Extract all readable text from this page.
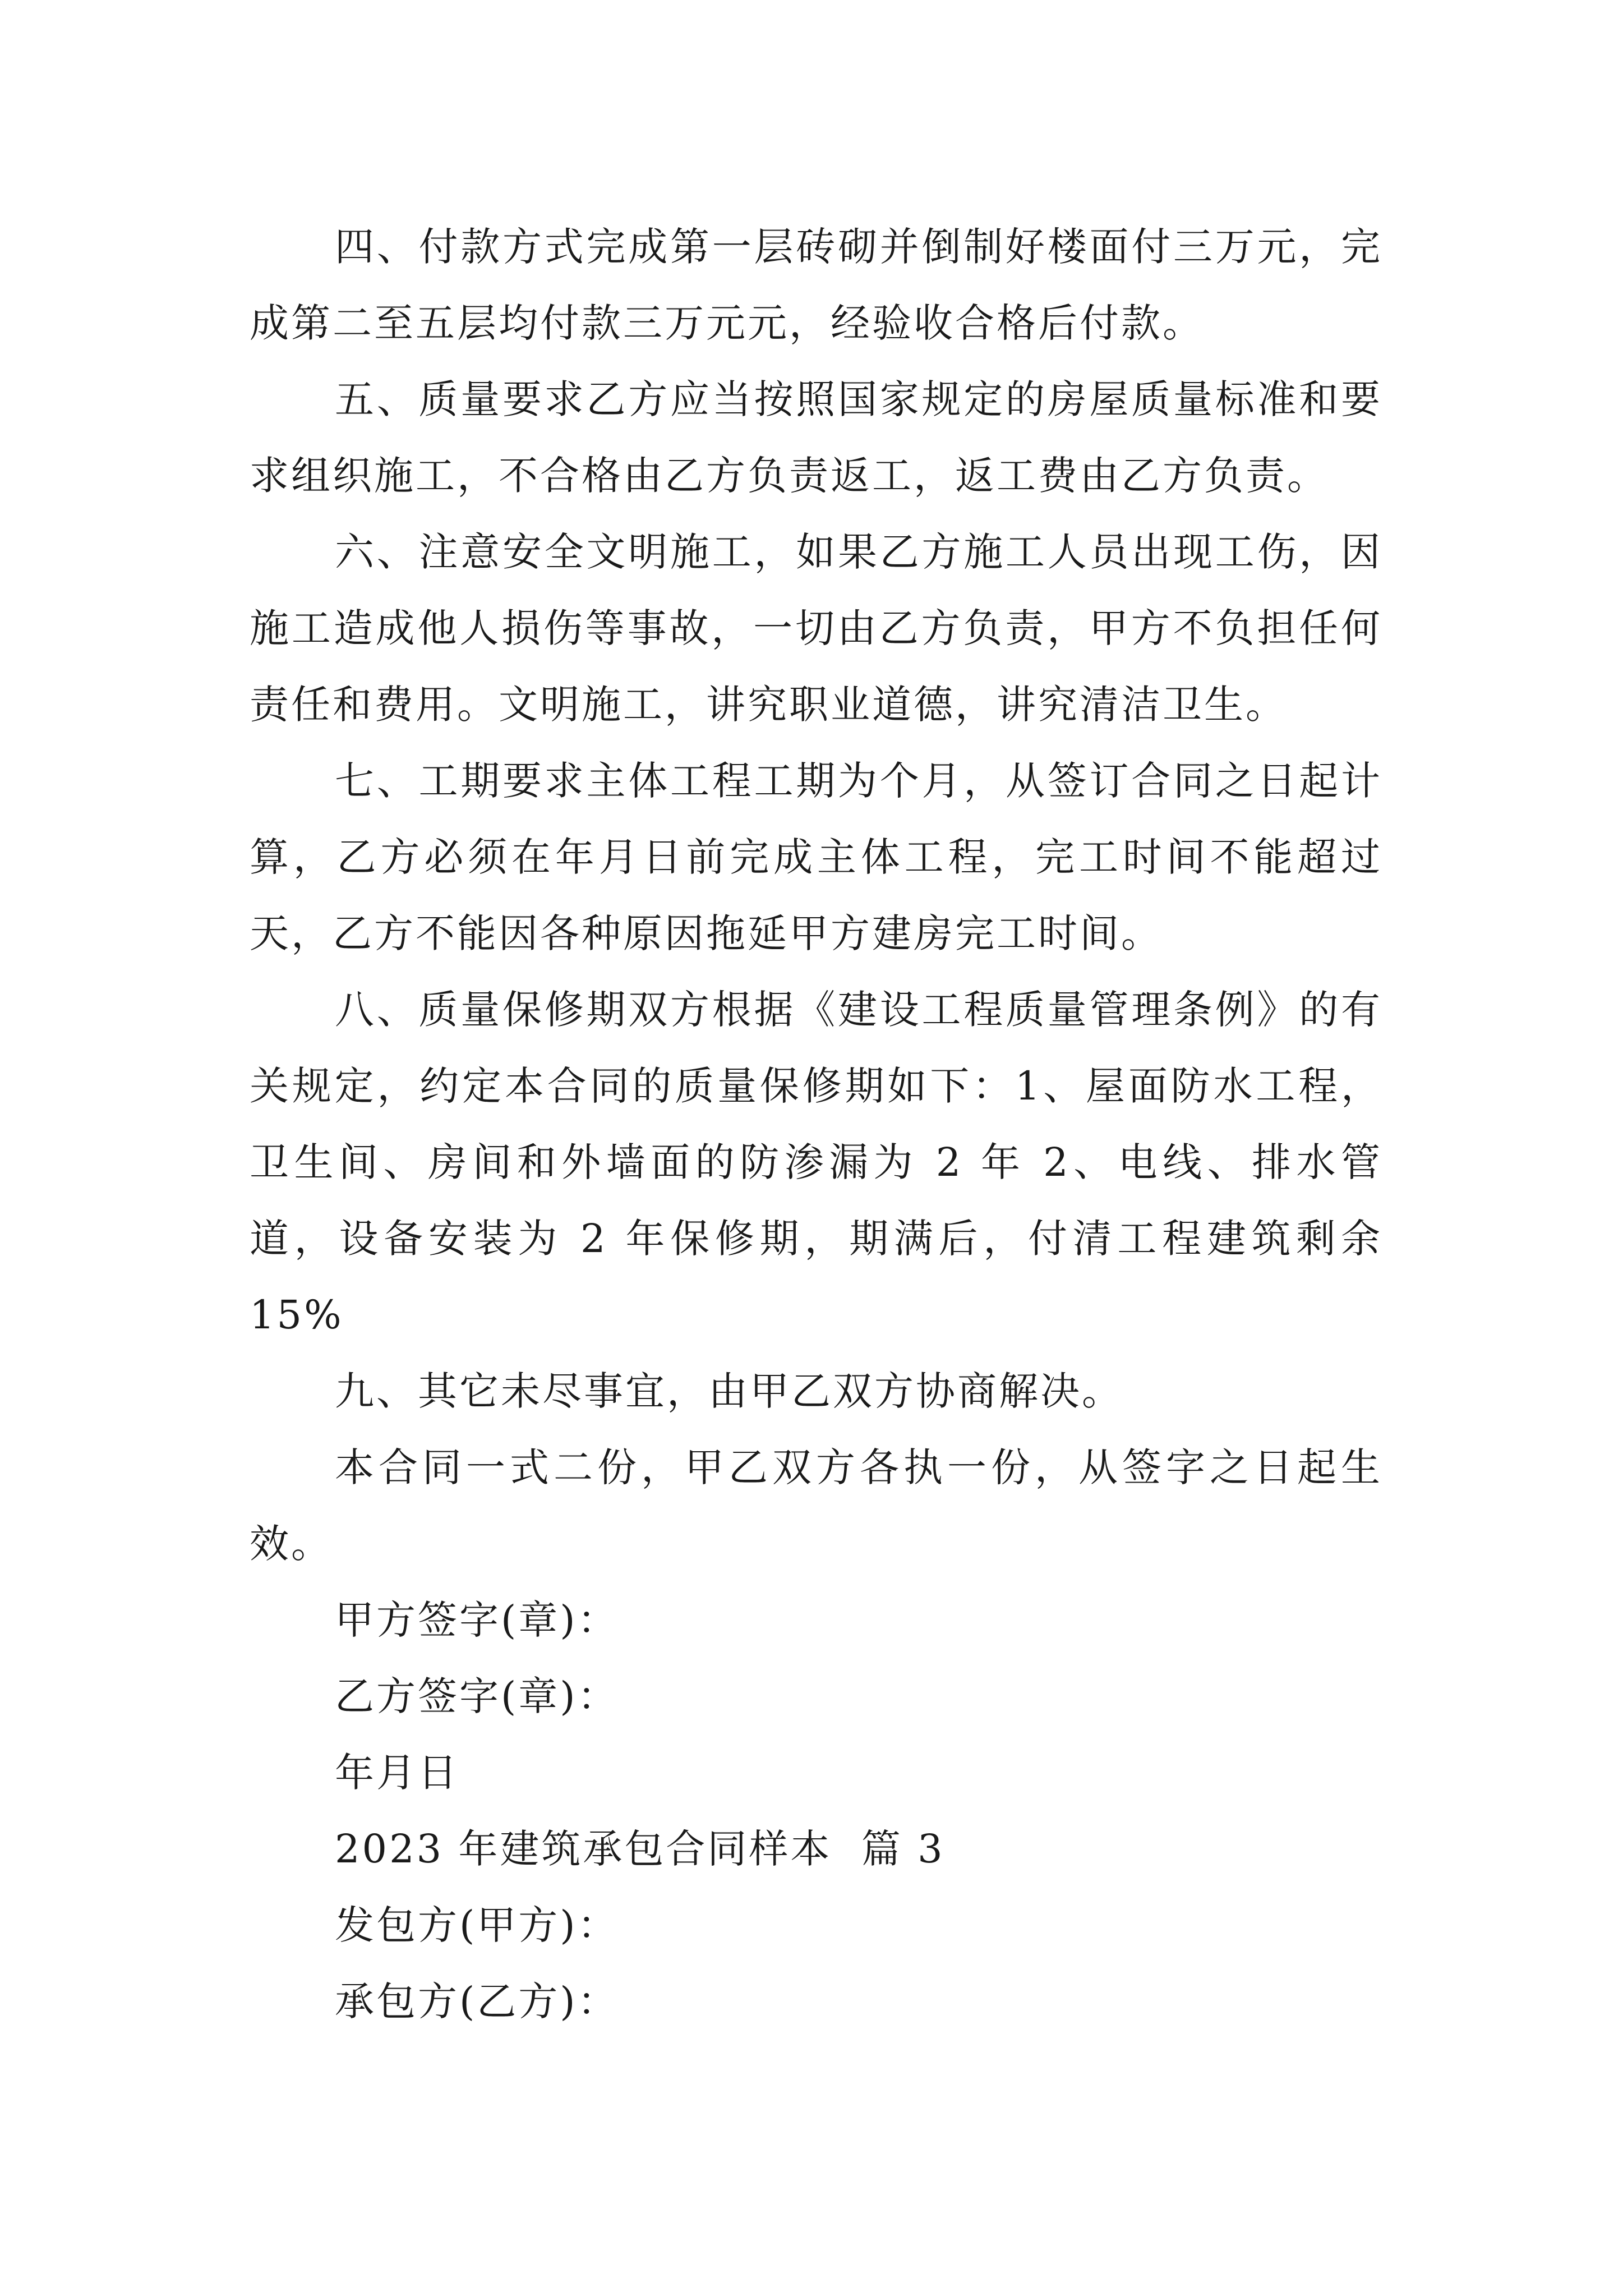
四、付款方式完成第一层砖砌并倒制好楼面付三万元，完成第二至五层均付款三万元元，经验收合格后付款。

五、质量要求乙方应当按照国家规定的房屋质量标准和要求组织施工，不合格由乙方负责返工，返工费由乙方负责。

六、注意安全文明施工，如果乙方施工人员出现工伤，因施工造成他人损伤等事故，一切由乙方负责，甲方不负担任何责任和费用。文明施工，讲究职业道德，讲究清洁卫生。

七、工期要求主体工程工期为个月，从签订合同之日起计算，乙方必须在年月日前完成主体工程，完工时间不能超过天，乙方不能因各种原因拖延甲方建房完工时间。

八、质量保修期双方根据《建设工程质量管理条例》的有关规定，约定本合同的质量保修期如下：1、屋面防水工程，卫生间、房间和外墙面的防渗漏为 2 年 2、电线、排水管道，设备安装为 2 年保修期，期满后，付清工程建筑剩余 15%

九、其它未尽事宜，由甲乙双方协商解决。

本合同一式二份，甲乙双方各执一份，从签字之日起生效。

甲方签字(章)：

乙方签字(章)：

年月日

2023 年建筑承包合同样本  篇 3

发包方(甲方)：

承包方(乙方)：
